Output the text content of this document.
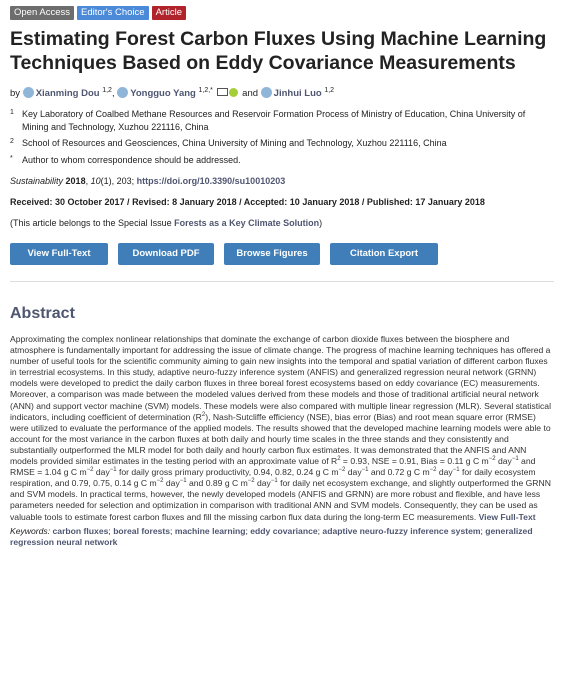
Open Access	Editor's Choice	Article
Estimating Forest Carbon Fluxes Using Machine Learning Techniques Based on Eddy Covariance Measurements
by Xianming Dou $^{1,2}$, Yongguo Yang $^{1,2,*}$	and Jinhui Luo $^{1,2}$
1 Key Laboratory of Coalbed Methane Resources and Reservoir Formation Process of Ministry of Education, China University of Mining and Technology, Xuzhou 221116, China
2 School of Resources and Geosciences, China University of Mining and Technology, Xuzhou 221116, China
*	Author to whom correspondence should be addressed.
Sustainability 2018, 10(1), 203; https://doi.org/10.3390/su10010203
Received: 30 October 2017 / Revised: 8 January 2018 / Accepted: 10 January 2018 / Published: 17 January 2018
(This article belongs to the Special Issue Forests as a Key Climate Solution)
View Full-Text	Download PDF	Browse Figures	Citation Export
Abstract
Approximating the complex nonlinear relationships that dominate the exchange of carbon dioxide fluxes between the biosphere and atmosphere is fundamentally important for addressing the issue of climate change. The progress of machine learning techniques has offered a number of useful tools for the scientific community aiming to gain new insights into the temporal and spatial variation of different carbon fluxes in terrestrial ecosystems. In this study, adaptive neuro-fuzzy inference system (ANFIS) and generalized regression neural network (GRNN) models were developed to predict the daily carbon fluxes in three boreal forest ecosystems based on eddy covariance (EC) measurements. Moreover, a comparison was made between the modeled values derived from these models and those of traditional artificial neural network (ANN) and support vector machine (SVM) models. These models were also compared with multiple linear regression (MLR). Several statistical indicators, including coefficient of determination $(R^2)$, Nash-Sutcliffe efficiency (NSE), bias error (Bias) and root mean square error (RMSE) were utilized to evaluate the performance of the applied models. The results showed that the developed machine learning models were able to account for the most variance in the carbon fluxes at both daily and hourly time scales in the three stands and they consistently and substantially outperformed the MLR model for both daily and hourly carbon flux estimates. It was demonstrated that the ANFIS and ANN models provided similar estimates in the testing period with an approximate value of $R^2 = 0.93$, NSE = 0.91, Bias = 0.11 g C $m^{-2}$ day$^{-1}$ and RMSE = 1.04 g C $m^{-2}$ day$^{-1}$ for daily gross primary productivity, 0.94, 0.82, 0.24 g C $m^{-2}$ day$^{-1}$ and 0.72 g C $m^{-2}$ day$^{-1}$ for daily ecosystem respiration, and 0.79, 0.75, 0.14 g C $m^{-2}$ day$^{-1}$ and 0.89 g C $m^{-2}$ day$^{-1}$ for daily net ecosystem exchange, and slightly outperformed the GRNN and SVM models. In practical terms, however, the newly developed models (ANFIS and GRNN) are more robust and flexible, and have less parameters needed for selection and optimization in comparison with traditional ANN and SVM models. Consequently, they can be used as valuable tools to estimate forest carbon fluxes and fill the missing carbon flux data during the long-term EC measurements. View Full-Text
Keywords: carbon fluxes; boreal forests; machine learning; eddy covariance; adaptive neuro-fuzzy inference system; generalized regression neural network
